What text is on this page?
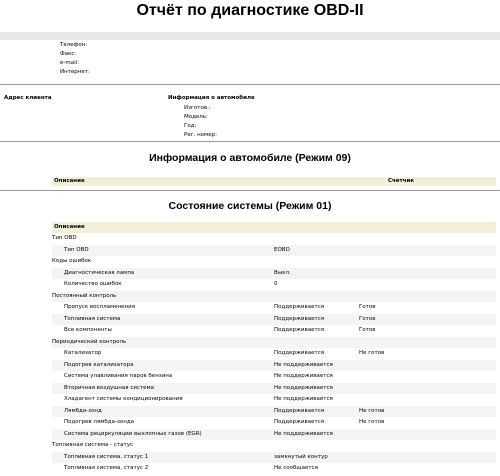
Отчёт по диагностике OBD-II
Телефон:
Факс:
e-mail:
Интернет:
Адрес клиента	Информация о автомобиле
Изготов.:
Модель:
Год:
Рег. номер:
Информация о автомобиле (Режим 09)
Описание	Счетчик
Состояние системы (Режим 01)
Описание
Тип OBD
Тип OBD	EOBD
Коды ошибок
Диагностическая лампа	Выкл.
Количество ошибок	0
Постоянный контроль
Пропуск воспламенения	Поддерживается	Готов
Топливная система	Поддерживается	Готов
Все компоненты	Поддерживается	Готов
Периодический контроль
Катализатор	Поддерживается	Не готов
Подогрев катализатора	Не поддерживается
Система улавливания паров бензина	Не поддерживается
Вторичная воздушная система	Не поддерживается
Хладагент системы кондиционирования	Не поддерживается
Лямбда-зонд	Поддерживается	Не готов
Подогрев лямбда-зонда	Поддерживается	Не готов
Система рециркуляции выхлопных газов (EGR)	Не поддерживается
Топливная система - статус
Топливная система, статус 1	замкнутый контур
Топливная система, статус 2	Не сообщается
